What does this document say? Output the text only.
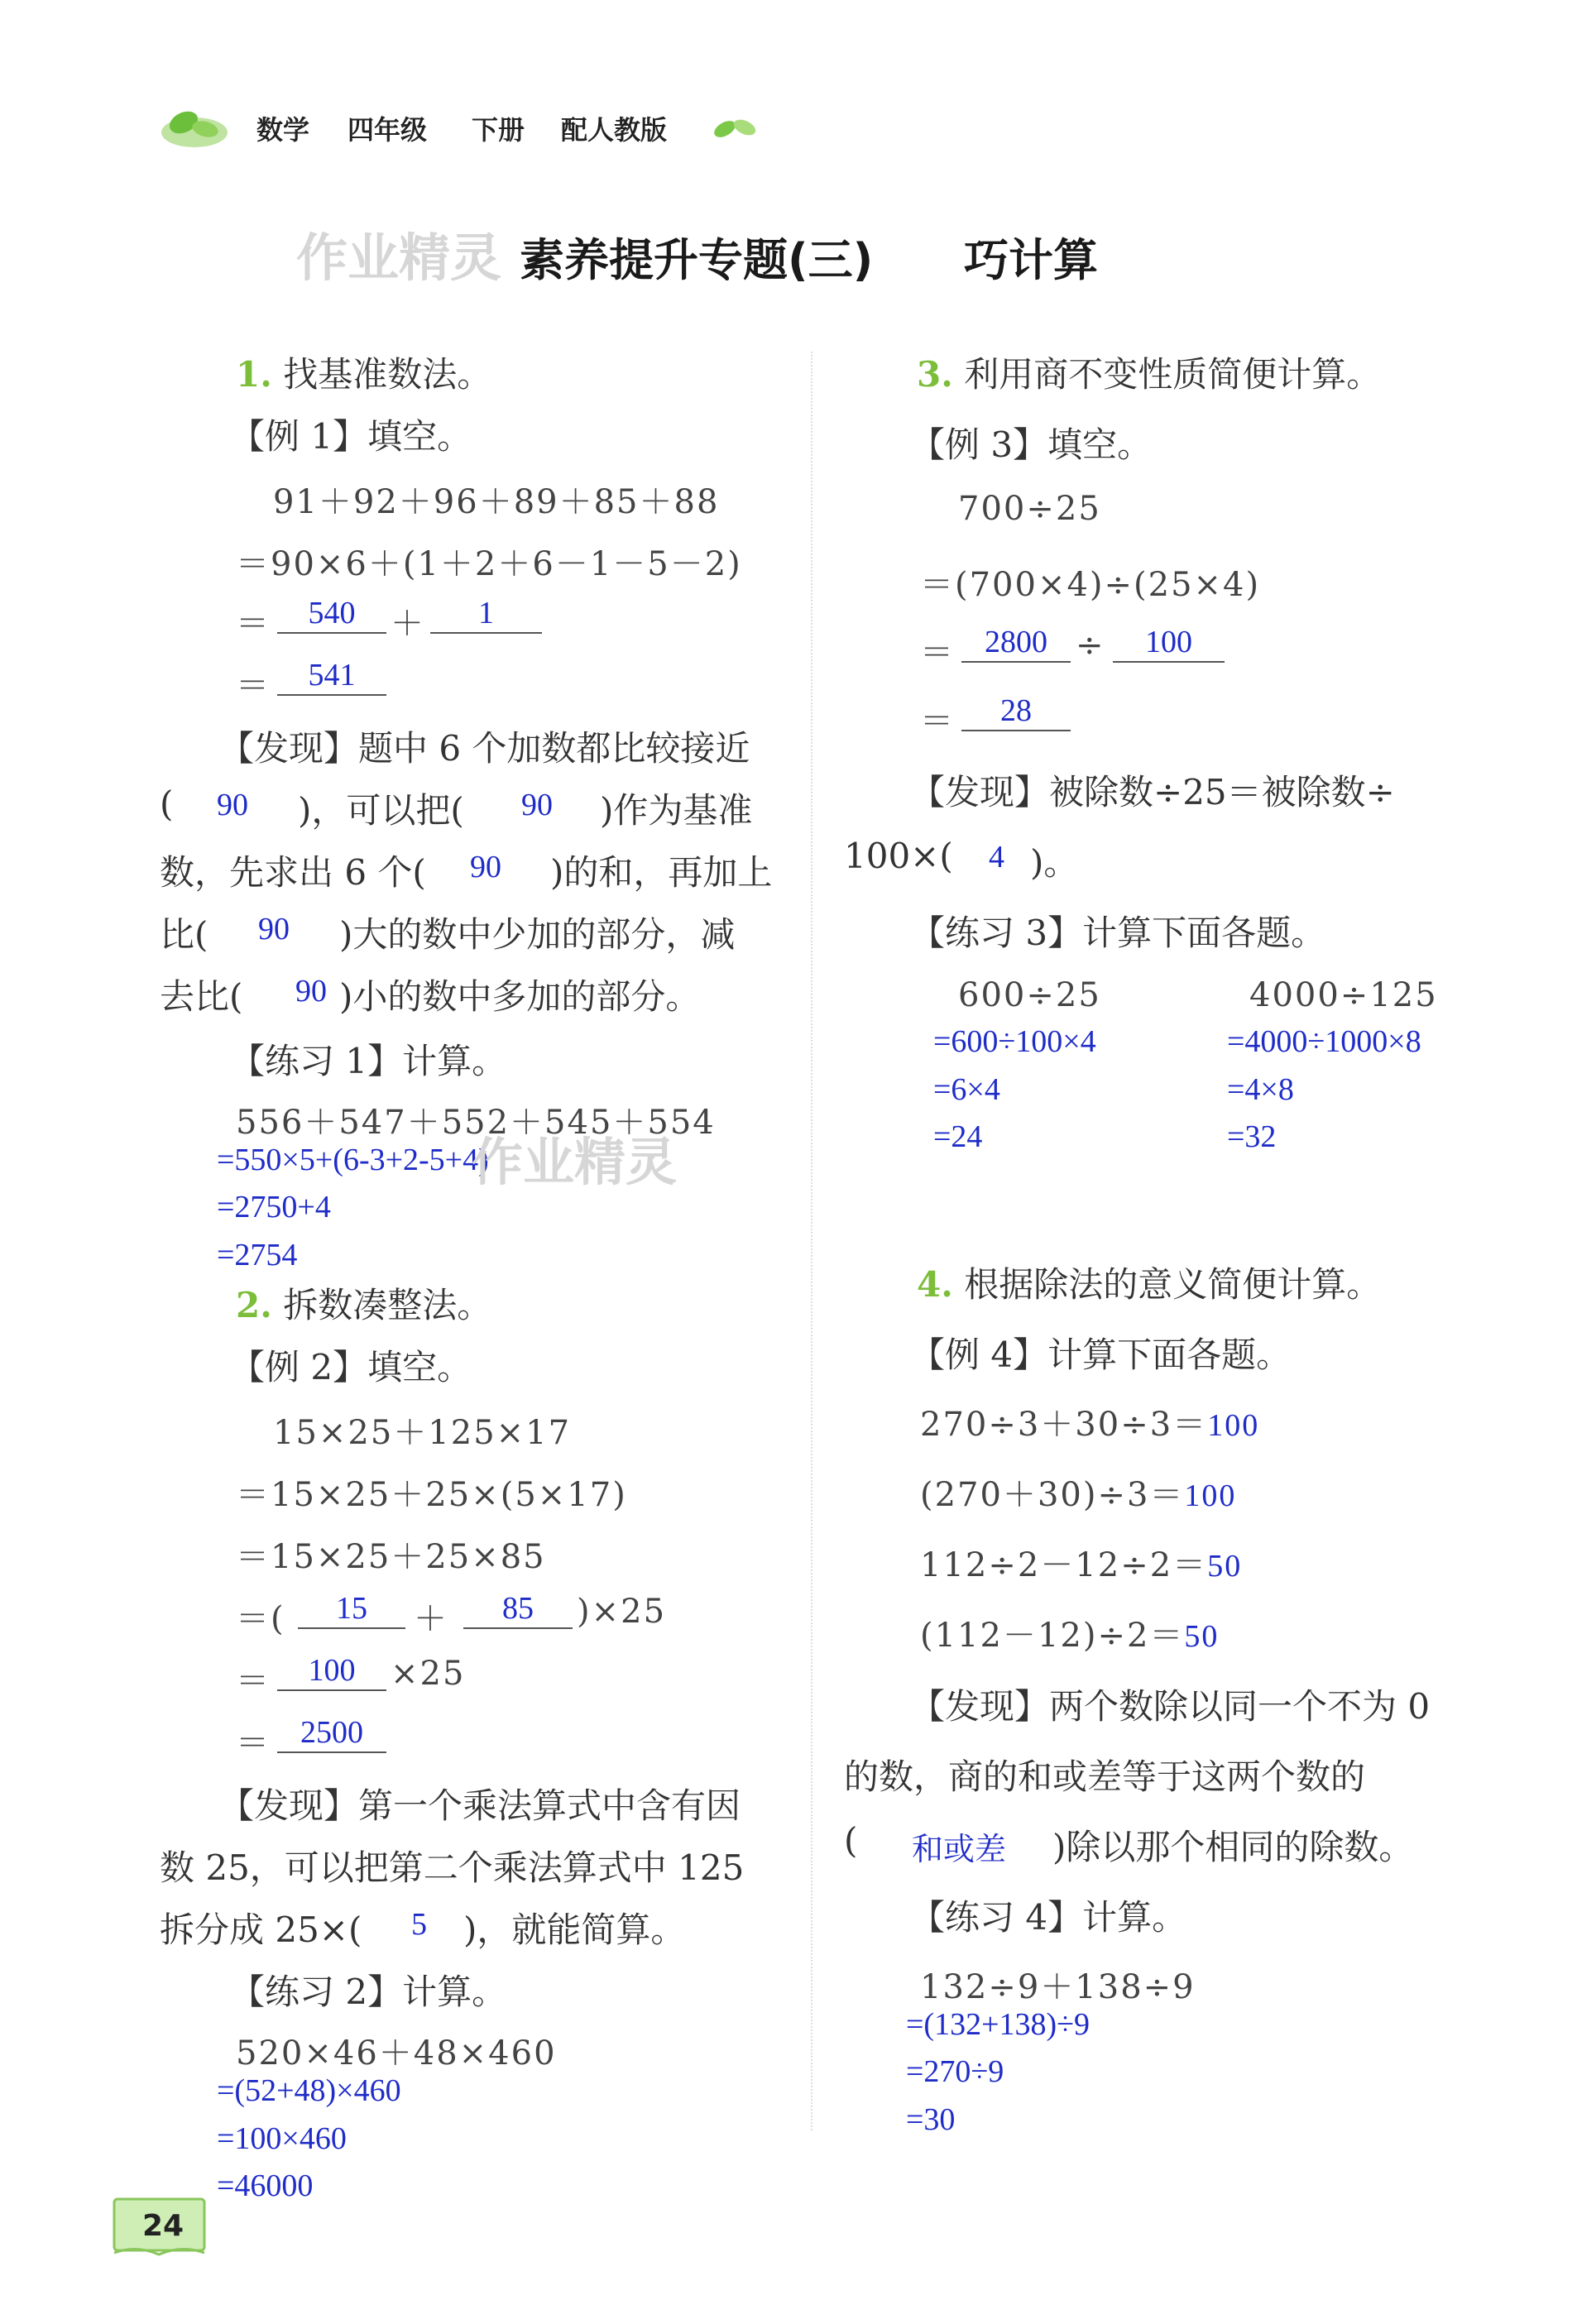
数学 四年级 下册 配人教版
作业精灵 素养提升专题(三) 巧计算
1. 找基准数法。
【例 1】填空。
91＋92＋96＋89＋85＋88
＝90×6＋(1＋2＋6－1－5－2)
＝	540	＋	1
＝	541
【发现】题中 6 个加数都比较接近
( 90 )，可以把( 90 )作为基准
数，先求出 6 个( 90 )的和，再加上
比( 90 )大的数中少加的部分，减
去比( 90 )小的数中多加的部分。
【练习 1】计算。
556＋547＋552＋545＋554
=550×5+(6-3+2-5+4)
作业精灵
=2750+4
=2754
2. 拆数凑整法。
【例 2】填空。
15×25＋125×17
＝15×25＋25×(5×17)
＝15×25＋25×85
＝(	15	＋	85	)×25
＝	100	×25
＝ 2500
【发现】第一个乘法算式中含有因
数 25，可以把第二个乘法算式中 125
拆分成 25×( 5 )，就能简算。
【练习 2】计算。
520×46＋48×460
=(52+48)×460
=100×460
=46000
3. 利用商不变性质简便计算。
【例 3】填空。
700÷25
＝(700×4)÷(25×4)
＝ 2800 ÷	100
＝	28
【发现】被除数÷25＝被除数÷
100×( 4 )。
【练习 3】计算下面各题。
600÷25
=600÷100×4
=6×4
=24
4000÷125
=4000÷1000×8
=4×8
=32
4. 根据除法的意义简便计算。
【例 4】计算下面各题。
270÷3＋30÷3＝100
(270＋30)÷3＝100
112÷2－12÷2＝50
(112－12)÷2＝50
【发现】两个数除以同一个不为 0
的数，商的和或差等于这两个数的
( 和或差 )除以那个相同的除数。
【练习 4】计算。
132÷9＋138÷9
=(132+138)÷9
=270÷9
=30
24
